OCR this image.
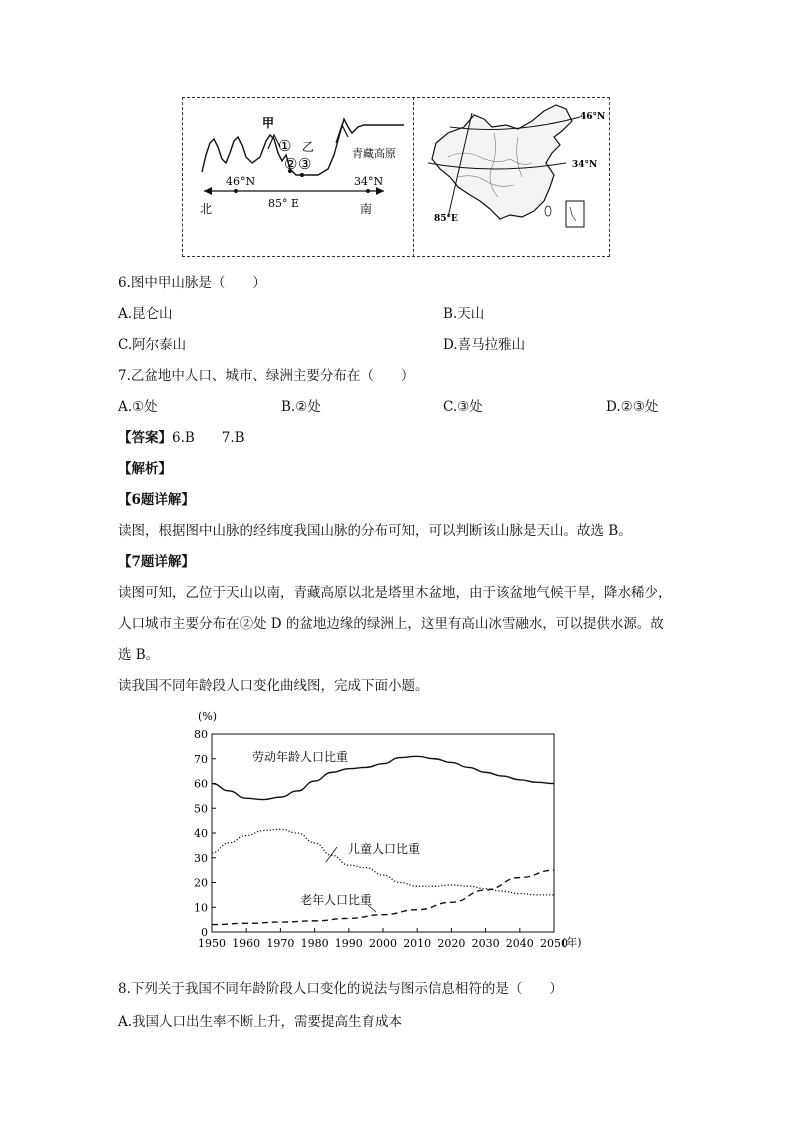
甲
①
② ③
乙	青藏高原
46°N	34°N
85° E
北	南
46°N
34°N
85°E
6.图中甲山脉是（　　）
A.昆仑山	B.天山
C.阿尔泰山	D.喜马拉雅山
7.乙盆地中人口、城市、绿洲主要分布在（　　）
A.①处	B.②处	C.③处	D.②③处
【答案】6.B　　7.B
【解析】
【6题详解】
读图，根据图中山脉的经纬度我国山脉的分布可知，可以判断该山脉是天山。故选 B。
【7题详解】
读图可知，乙位于天山以南，青藏高原以北是塔里木盆地，由于该盆地气候干旱，降水稀少，
人口城市主要分布在②处 D 的盆地边缘的绿洲上，这里有高山冰雪融水，可以提供水源。故
选 B。
读我国不同年龄段人口变化曲线图，完成下面小题。
0
10
20
30
40
50
60
70
80
1950 1960 1970 1980 1990 2000 2010 2020 2030 2040 2050
(%)
(年)
劳动年龄人口比重
儿童人口比重
老年人口比重
8.下列关于我国不同年龄阶段人口变化的说法与图示信息相符的是（　　）
A.我国人口出生率不断上升，需要提高生育成本
